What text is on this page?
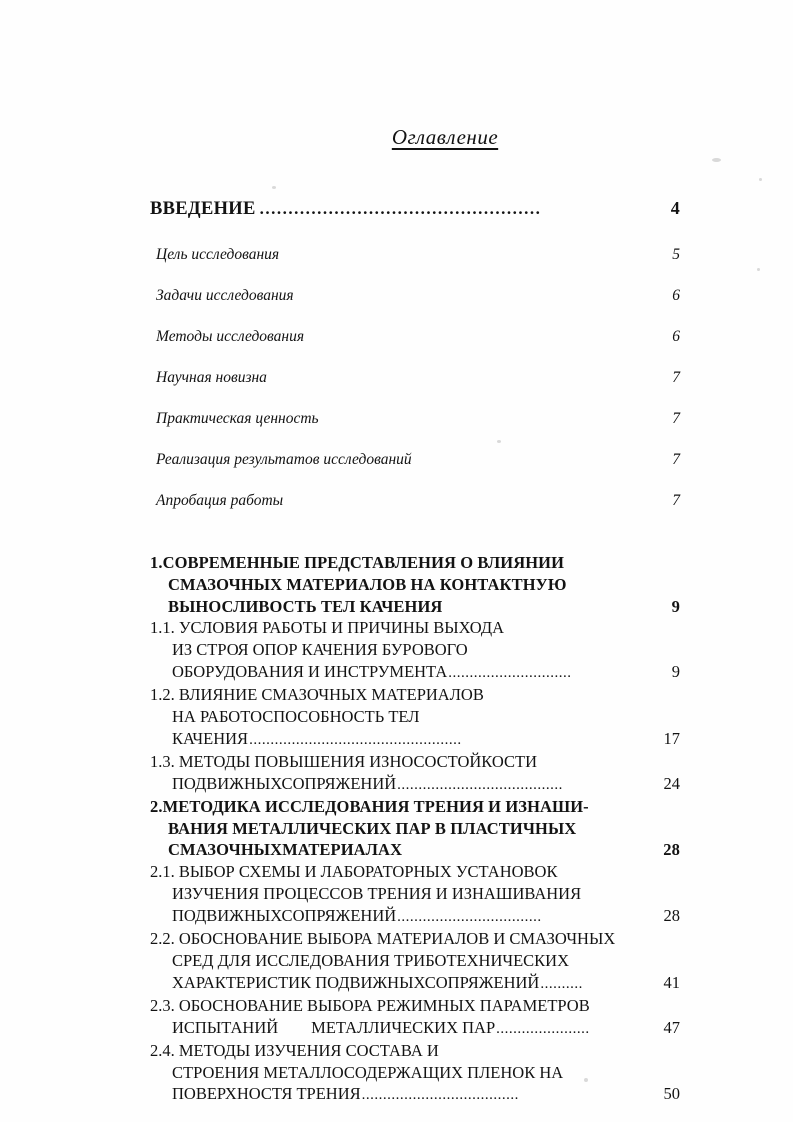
Оглавление
ВВЕДЕНИЕ .................................................	4
Цель исследования	5
Задачи исследования	6
Методы исследования	6
Научная новизна	7
Практическая ценность	7
Реализация результатов исследований	7
Апробация работы	7
1. СОВРЕМЕННЫЕ ПРЕДСТАВЛЕНИЯ О ВЛИЯНИИ
СМАЗОЧНЫХ МАТЕРИАЛОВ НА КОНТАКТНУЮ
ВЫНОСЛИВОСТЬ ТЕЛ КАЧЕНИЯ	9
1.1. УСЛОВИЯ РАБОТЫ И ПРИЧИНЫ ВЫХОДА
ИЗ СТРОЯ ОПОР КАЧЕНИЯ БУРОВОГО
ОБОРУДОВАНИЯ И ИНСТРУМЕНТА .............................	9
1.2. ВЛИЯНИЕ СМАЗОЧНЫХ МАТЕРИАЛОВ
НА РАБОТОСПОСОБНОСТЬ ТЕЛ
КАЧЕНИЯ ..................................................	17
1.3. МЕТОДЫ ПОВЫШЕНИЯ ИЗНОСОСТОЙКОСТИ
ПОДВИЖНЫХСОПРЯЖЕНИЙ .......................................	24
2. МЕТОДИКА ИССЛЕДОВАНИЯ ТРЕНИЯ И ИЗНАШИ-
ВАНИЯ МЕТАЛЛИЧЕСКИХ ПАР В ПЛАСТИЧНЫХ
СМАЗОЧНЫХМАТЕРИАЛАХ	28
2.1. ВЫБОР СХЕМЫ И ЛАБОРАТОРНЫХ УСТАНОВОК
ИЗУЧЕНИЯ ПРОЦЕССОВ ТРЕНИЯ И ИЗНАШИВАНИЯ
ПОДВИЖНЫХСОПРЯЖЕНИЙ ..................................	28
2.2. ОБОСНОВАНИЕ ВЫБОРА МАТЕРИАЛОВ И СМАЗОЧНЫХ
СРЕД ДЛЯ ИССЛЕДОВАНИЯ ТРИБОТЕХНИЧЕСКИХ
ХАРАКТЕРИСТИК ПОДВИЖНЫХСОПРЯЖЕНИЙ ..........	41
2.3. ОБОСНОВАНИЕ ВЫБОРА РЕЖИМНЫХ ПАРАМЕТРОВ
ИСПЫТАНИЙ        МЕТАЛЛИЧЕСКИХ ПАР ......................	47
2.4. МЕТОДЫ ИЗУЧЕНИЯ СОСТАВА И
СТРОЕНИЯ МЕТАЛЛОСОДЕРЖАЩИХ ПЛЕНОК НА
ПОВЕРХНОСТЯ ТРЕНИЯ .....................................	50
